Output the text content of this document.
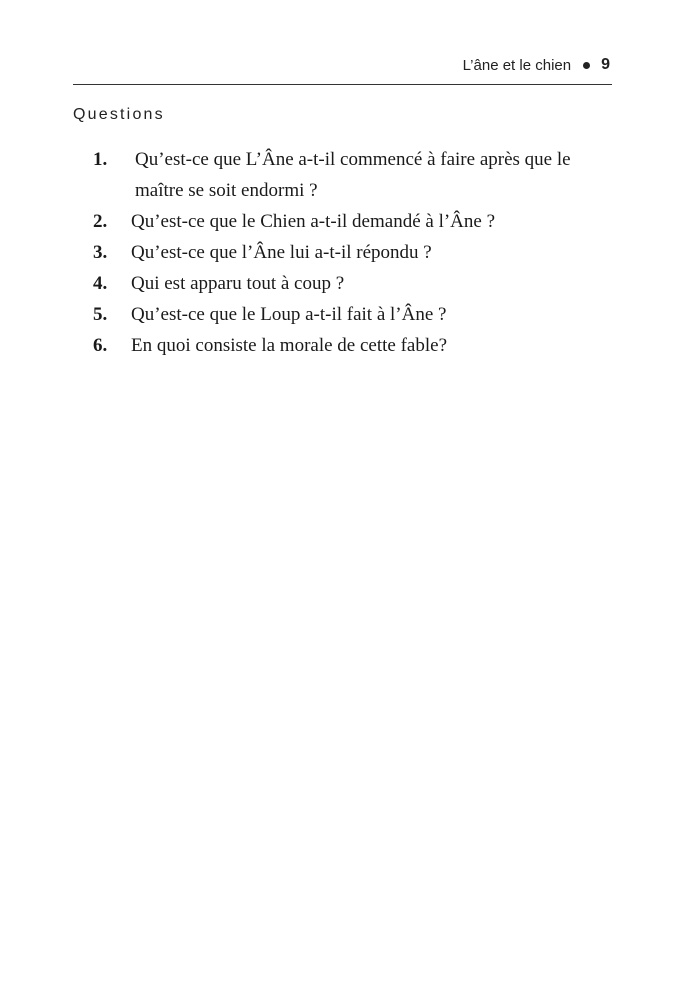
L’âne et le chien 9
Questions
1.	Qu’est-ce que L’Âne a-t-il commencé à faire après que le maître se soit endormi ?
2.	Qu’est-ce que le Chien a-t-il demandé à l’Âne ?
3.	Qu’est-ce que l’Âne lui a-t-il répondu ?
4.	Qui est apparu tout à coup ?
5.	Qu’est-ce que le Loup a-t-il fait à l’Âne ?
6.	En quoi consiste la morale de cette fable?
